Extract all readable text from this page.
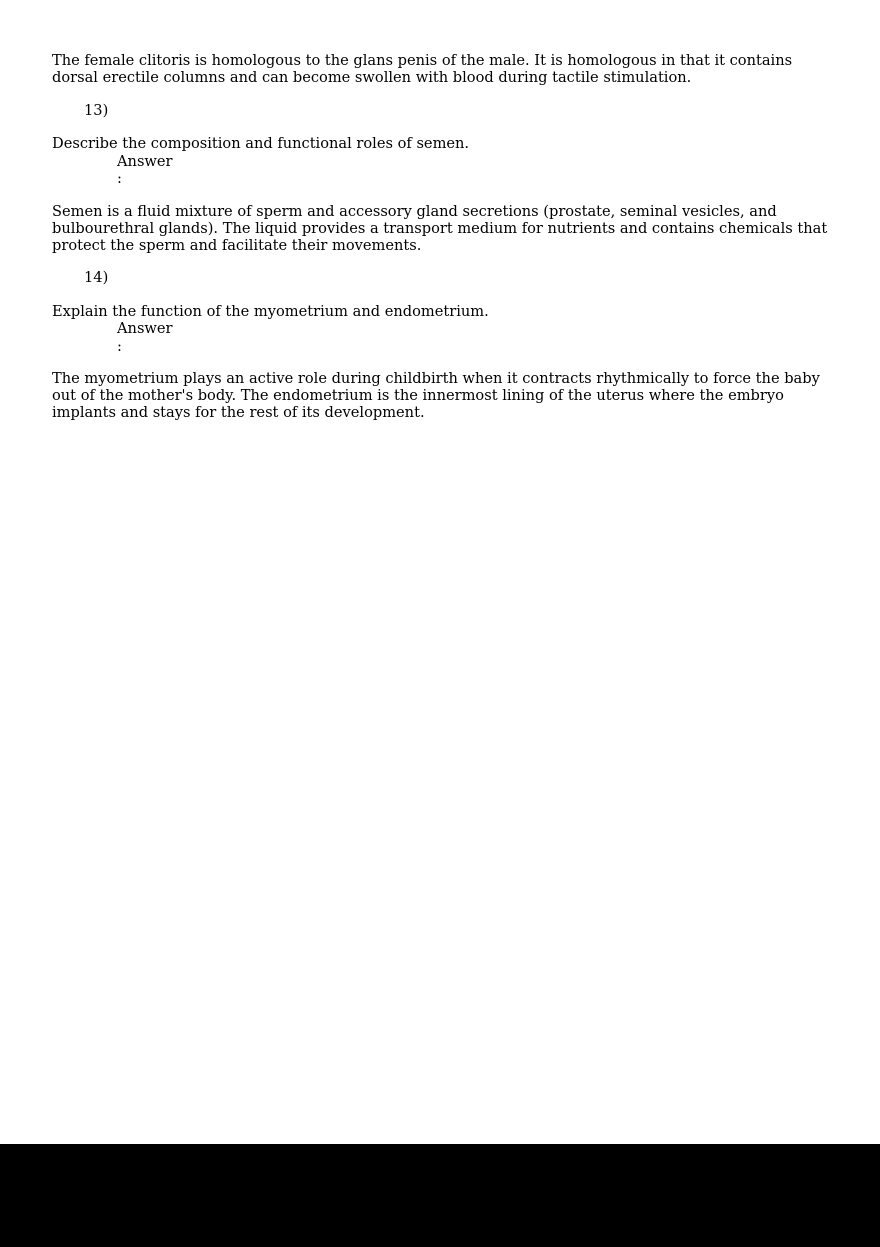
The female clitoris is homologous to the glans penis of the male. It is homologous in that it contains
dorsal erectile columns and can become swollen with blood during tactile stimulation.
13)
Describe the composition and functional roles of semen.
Answer
:
Semen is a fluid mixture of sperm and accessory gland secretions (prostate, seminal vesicles, and
bulbourethral glands). The liquid provides a transport medium for nutrients and contains chemicals that
protect the sperm and facilitate their movements.
14)
Explain the function of the myometrium and endometrium.
Answer
:
The myometrium plays an active role during childbirth when it contracts rhythmically to force the baby
out of the mother's body. The endometrium is the innermost lining of the uterus where the embryo
implants and stays for the rest of its development.
